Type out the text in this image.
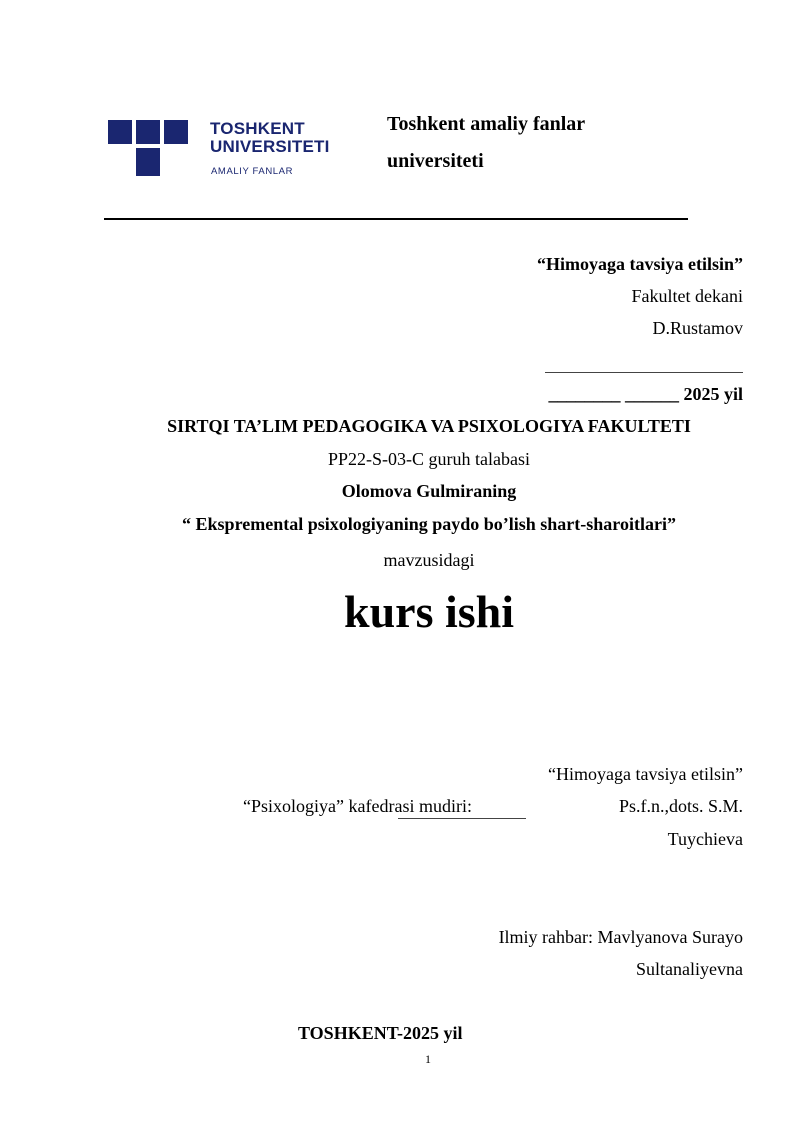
TOSHKENT
UNIVERSITETI
AMALIY FANLAR
Toshkent amaliy fanlar
universiteti
“Himoyaga tavsiya etilsin”
Fakultet dekani
D.Rustamov
________ ______ 2025 yil
SIRTQI TA’LIM PEDAGOGIKA VA PSIXOLOGIYA FAKULTETI
PP22-S-03-C guruh talabasi
Olomova Gulmiraning
“ Ekspremental psixologiyaning paydo bo’lish shart-sharoitlari”
mavzusidagi
kurs ishi
“Himoyaga tavsiya etilsin”
“Psixologiya” kafedrasi mudiri:	Ps.f.n.,dots. S.M.
Tuychieva
Ilmiy rahbar: Mavlyanova Surayo
Sultanaliyevna
TOSHKENT-2025 yil
1
